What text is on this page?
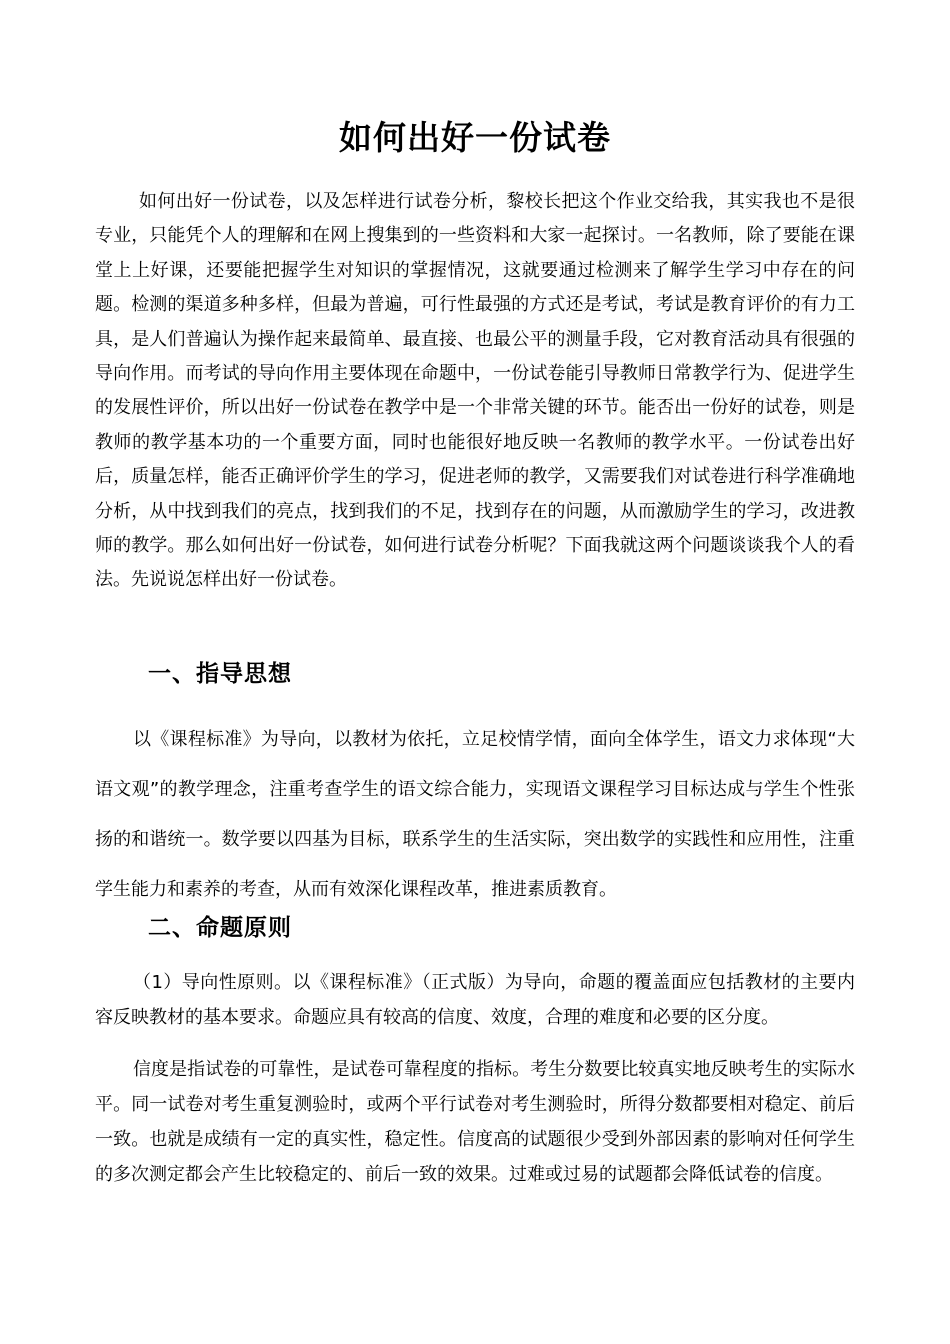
如何出好一份试卷

如何出好一份试卷，以及怎样进行试卷分析，黎校长把这个作业交给我，其实我也不是很专业，只能凭个人的理解和在网上搜集到的一些资料和大家一起探讨。一名教师，除了要能在课堂上上好课，还要能把握学生对知识的掌握情况，这就要通过检测来了解学生学习中存在的问题。检测的渠道多种多样，但最为普遍，可行性最强的方式还是考试，考试是教育评价的有力工具，是人们普遍认为操作起来最简单、最直接、也最公平的测量手段，它对教育活动具有很强的导向作用。而考试的导向作用主要体现在命题中，一份试卷能引导教师日常教学行为、促进学生的发展性评价，所以出好一份试卷在教学中是一个非常关键的环节。能否出一份好的试卷，则是教师的教学基本功的一个重要方面，同时也能很好地反映一名教师的教学水平。一份试卷出好后，质量怎样，能否正确评价学生的学习，促进老师的教学，又需要我们对试卷进行科学准确地分析，从中找到我们的亮点，找到我们的不足，找到存在的问题，从而激励学生的学习，改进教师的教学。那么如何出好一份试卷，如何进行试卷分析呢？下面我就这两个问题谈谈我个人的看法。先说说怎样出好一份试卷。

一、指导思想

以《课程标准》为导向，以教材为依托，立足校情学情，面向全体学生，语文力求体现“大语文观”的教学理念，注重考查学生的语文综合能力，实现语文课程学习目标达成与学生个性张扬的和谐统一。数学要以四基为目标，联系学生的生活实际，突出数学的实践性和应用性，注重学生能力和素养的考查，从而有效深化课程改革，推进素质教育。

二、命题原则

（1）导向性原则。以《课程标准》（正式版）为导向，命题的覆盖面应包括教材的主要内容反映教材的基本要求。命题应具有较高的信度、效度，合理的难度和必要的区分度。

信度是指试卷的可靠性，是试卷可靠程度的指标。考生分数要比较真实地反映考生的实际水平。同一试卷对考生重复测验时，或两个平行试卷对考生测验时，所得分数都要相对稳定、前后一致。也就是成绩有一定的真实性，稳定性。信度高的试题很少受到外部因素的影响对任何学生的多次测定都会产生比较稳定的、前后一致的效果。过难或过易的试题都会降低试卷的信度。
